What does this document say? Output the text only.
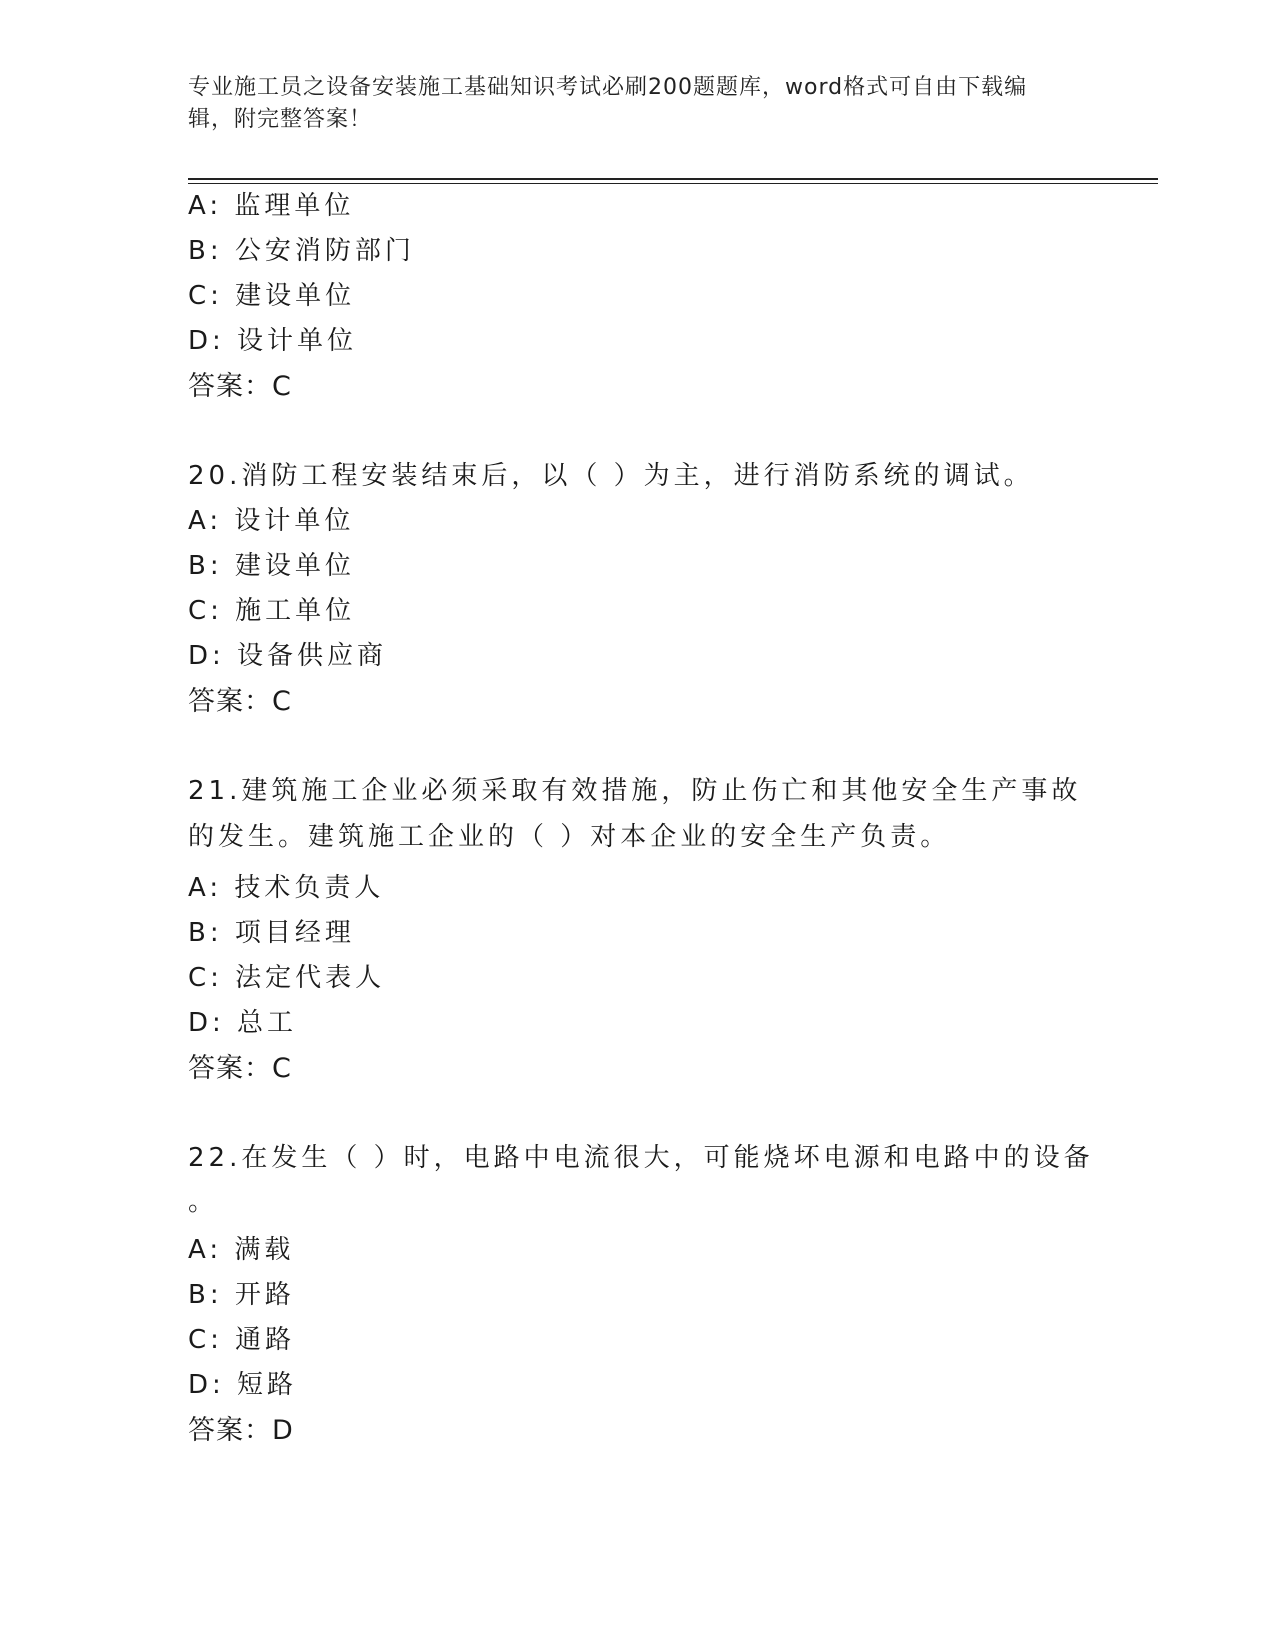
专业施工员之设备安装施工基础知识考试必刷200题题库，word格式可自由下载编辑，附完整答案！
A: 监理单位
B: 公安消防部门
C: 建设单位
D: 设计单位
答案：C
20.消防工程安装结束后，以（ ）为主，进行消防系统的调试。
A: 设计单位
B: 建设单位
C: 施工单位
D: 设备供应商
答案：C
21.建筑施工企业必须采取有效措施，防止伤亡和其他安全生产事故的发生。建筑施工企业的（ ）对本企业的安全生产负责。
A: 技术负责人
B: 项目经理
C: 法定代表人
D: 总工
答案：C
22.在发生（ ）时，电路中电流很大，可能烧坏电源和电路中的设备
。
A: 满载
B: 开路
C: 通路
D: 短路
答案：D
